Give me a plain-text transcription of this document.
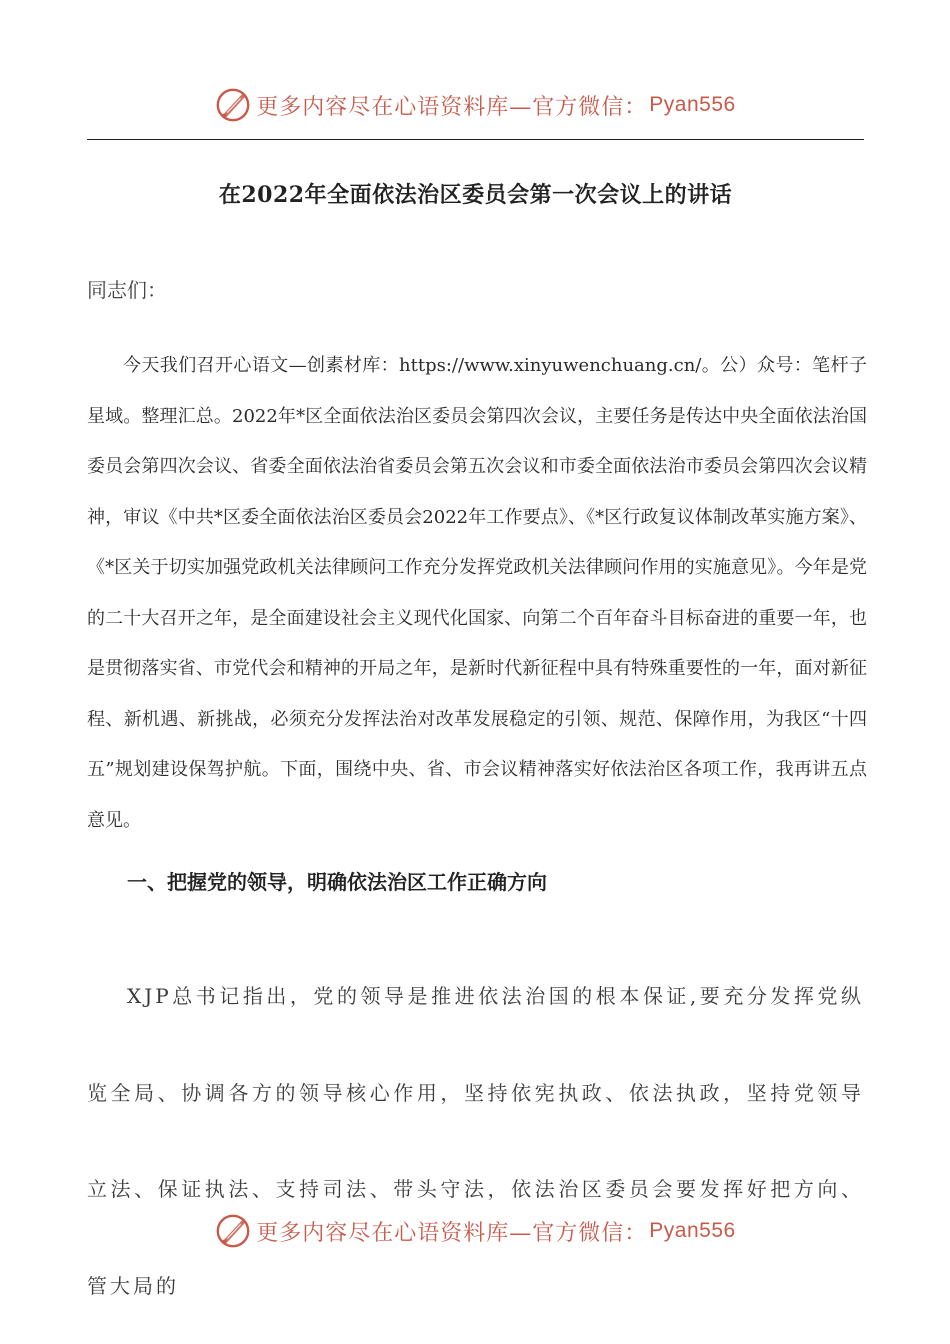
更多内容尽在心语资料库—官方微信： Pyan556
在2022年全面依法治区委员会第一次会议上的讲话
同志们：

今天我们召开心语文—创素材库：https://www.xinyuwenchuang.cn/。公）众号：笔杆子星域。整理汇总。2022年*区全面依法治区委员会第四次会议，主要任务是传达中央全面依法治国委员会第四次会议、省委全面依法治省委员会第五次会议和市委全面依法治市委员会第四次会议精神，审议《中共*区委全面依法治区委员会2022年工作要点》、《*区行政复议体制改革实施方案》、《*区关于切实加强党政机关法律顾问工作充分发挥党政机关法律顾问作用的实施意见》。今年是党的二十大召开之年，是全面建设社会主义现代化国家、向第二个百年奋斗目标奋进的重要一年，也是贯彻落实省、市党代会和精神的开局之年，是新时代新征程中具有特殊重要性的一年，面对新征程、新机遇、新挑战，必须充分发挥法治对改革发展稳定的引领、规范、保障作用，为我区“十四五”规划建设保驾护航。下面，围绕中央、省、市会议精神落实好依法治区各项工作，我再讲五点意见。

一、把握党的领导，明确依法治区工作正确方向

XJP总书记指出，党的领导是推进依法治国的根本保证,要充分发挥党纵览全局、协调各方的领导核心作用，坚持依宪执政、依法执政，坚持党领导立法、保证执法、支持司法、带头守法，依法治区委员会要发挥好把方向、管大局的

更多内容尽在心语资料库—官方微信： Pyan556
